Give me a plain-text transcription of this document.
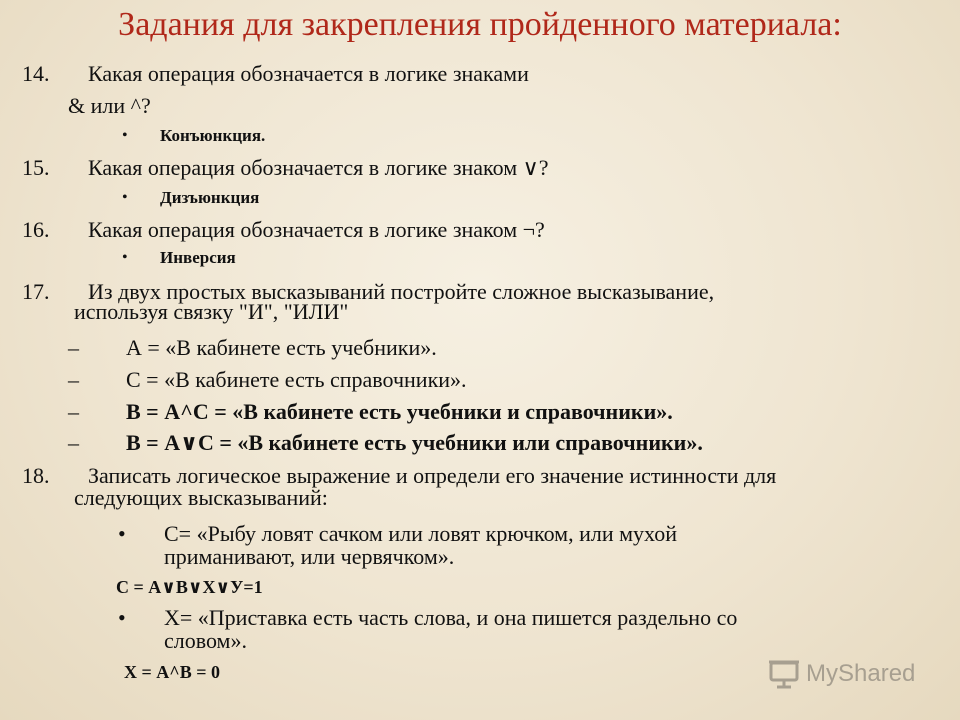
Задания для закрепления пройденного материала:
14. Какая операция обозначается в логике знаками
& или ^?
• Конъюнкция.
15. Какая операция обозначается в логике знаком ∨?
• Дизъюнкция
16. Какая операция обозначается в логике знаком ¬?
• Инверсия
17. Из двух простых высказываний постройте сложное высказывание,
используя связку "И", "ИЛИ"
– А = «В кабинете есть учебники».
– С = «В кабинете есть справочники».
– В = А^С = «В кабинете есть учебники и справочники».
– В = А∨С = «В кабинете есть учебники или справочники».
18. Записать логическое выражение и определи его значение истинности для
следующих высказываний:
• С= «Рыбу ловят сачком или ловят крючком, или мухой
приманивают, или червячком».
С = А∨В∨Х∨У=1
• Х= «Приставка есть часть слова, и она пишется раздельно со
словом».
Х = А^В = 0	MyShared
